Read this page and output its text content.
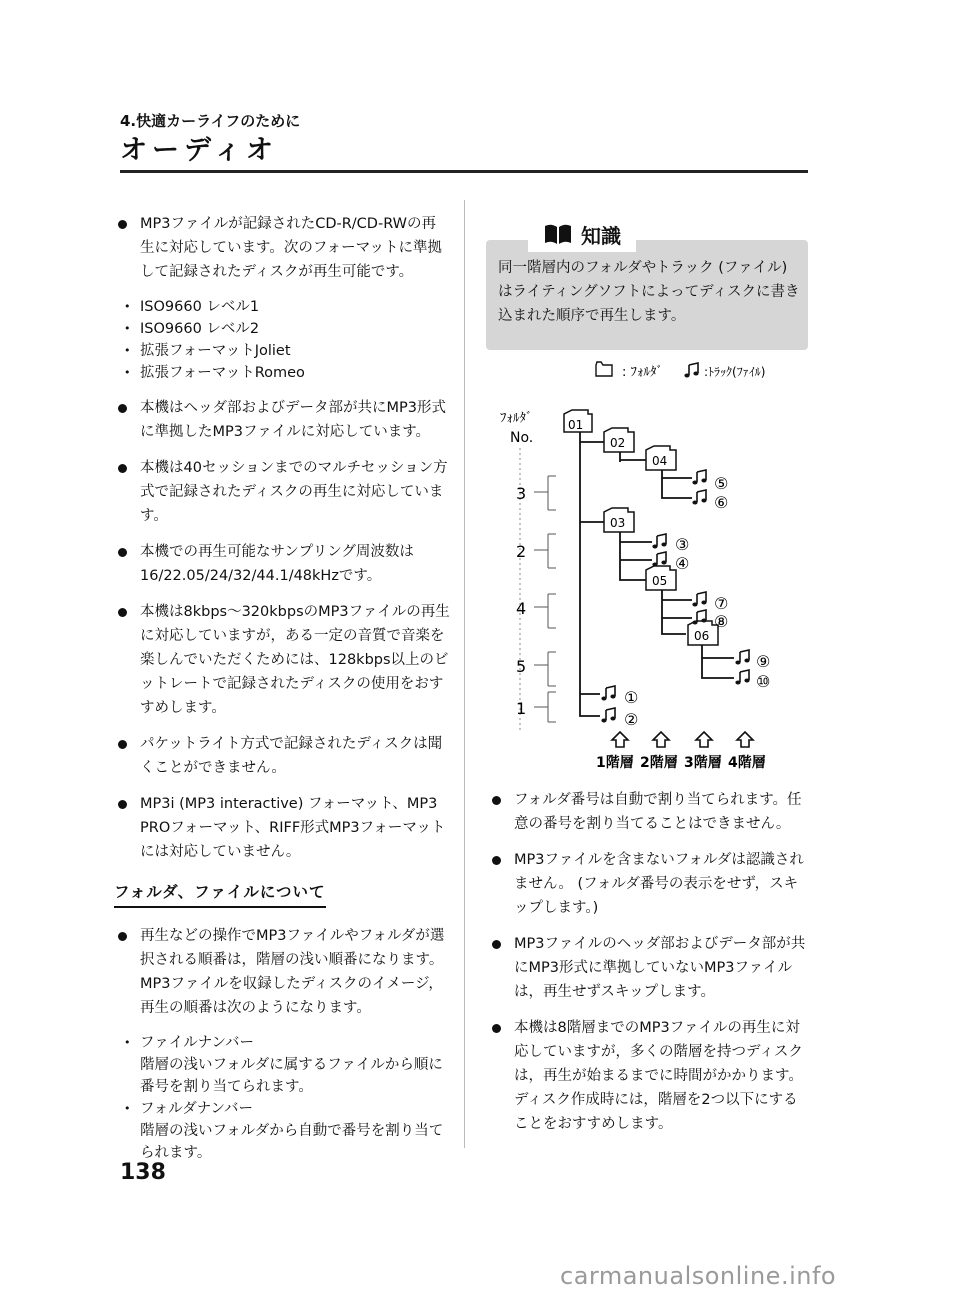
4.快適カーライフのために
オーディオ
MP3ファイルが記録されたCD-R/CD-RWの再生に対応しています。次のフォーマットに準拠して記録されたディスクが再生可能です。
• ISO9660 レベル1
• ISO9660 レベル2
• 拡張フォーマットJoliet
• 拡張フォーマットRomeo
本機はヘッダ部およびデータ部が共にMP3形式に準拠したMP3ファイルに対応しています。
本機は40セッションまでのマルチセッション方式で記録されたディスクの再生に対応しています。
本機での再生可能なサンプリング周波数は16/22.05/24/32/44.1/48kHzです。
本機は8kbps～320kbpsのMP3ファイルの再生に対応していますが，ある一定の音質で音楽を楽しんでいただくためには、128kbps以上のビットレートで記録されたディスクの使用をおすすめします。
パケットライト方式で記録されたディスクは聞くことができません。
MP3i (MP3 interactive) フォーマット、MP3 PROフォーマット、RIFF形式MP3フォーマットには対応していません。
フォルダ、ファイルについて
再生などの操作でMP3ファイルやフォルダが選択される順番は，階層の浅い順番になります。MP3ファイルを収録したディスクのイメージ，再生の順番は次のようになります。
• ファイルナンバー
階層の浅いフォルダに属するファイルから順に番号を割り当てられます。
• フォルダナンバー
階層の浅いフォルダから自動で番号を割り当てられます。
知識
同一階層内のフォルダやトラック (ファイル) はライティングソフトによってディスクに書き込まれた順序で再生します。
: ﾌｫﾙﾀﾞ	:ﾄﾗｯｸ(ﾌｧｲﾙ)
ﾌｫﾙﾀﾞ
No.
3
2
4
5
1
01
02
04
03
05
06
⑤
⑥
③
④
⑦
⑧
⑨
⑩
①
②
1階層 2階層 3階層 4階層
フォルダ番号は自動で割り当てられます。任意の番号を割り当てることはできません。
MP3ファイルを含まないフォルダは認識されません。 (フォルダ番号の表示をせず，スキップします。)
MP3ファイルのヘッダ部およびデータ部が共にMP3形式に準拠していないMP3ファイルは，再生せずスキップします。
本機は8階層までのMP3ファイルの再生に対応していますが，多くの階層を持つディスクは，再生が始まるまでに時間がかかります。ディスク作成時には，階層を2つ以下にすることをおすすめします。
138
carmanualsonline.info
